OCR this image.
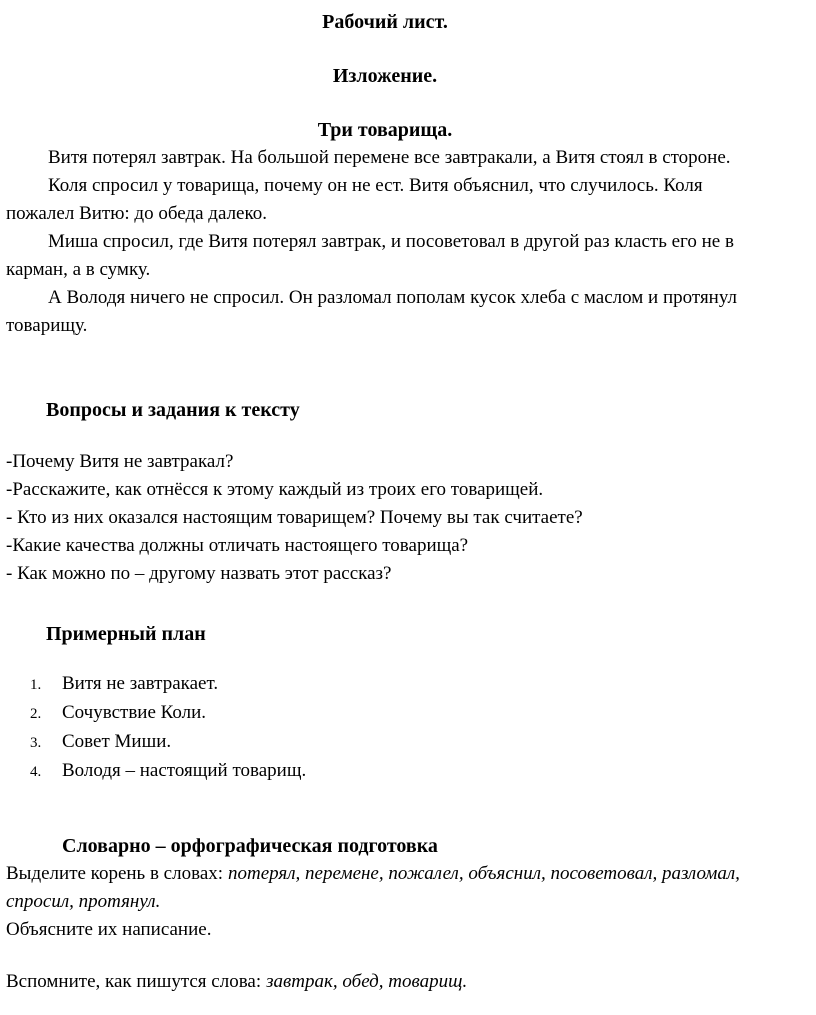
Рабочий лист.
Изложение.
Три товарища.

Витя потерял завтрак. На большой перемене все завтракали, а Витя стоял в стороне.

Коля спросил у товарища, почему он не ест. Витя объяснил, что случилось. Коля пожалел Витю: до обеда далеко.

Миша спросил, где Витя потерял завтрак, и посоветовал в другой раз класть его не в карман, а в сумку.

А Володя ничего не спросил. Он разломал пополам кусок хлеба с маслом и протянул товарищу.

Вопросы и задания к тексту

-Почему Витя не завтракал?

-Расскажите, как отнёсся к этому каждый из троих его товарищей.

- Кто из них оказался настоящим товарищем? Почему вы так считаете?

-Какие качества должны отличать настоящего товарища?

- Как можно по – другому назвать этот рассказ?

Примерный план
1.	Витя не завтракает.
2.	Сочувствие Коли.
3.	Совет Миши.
4.	Володя – настоящий товарищ.
Словарно – орфографическая подготовка

Выделите корень в словах: потерял, перемене, пожалел, объяснил, посоветовал, разломал, спросил, протянул.

Объясните их написание.

Вспомните, как пишутся слова: завтрак, обед, товарищ.
